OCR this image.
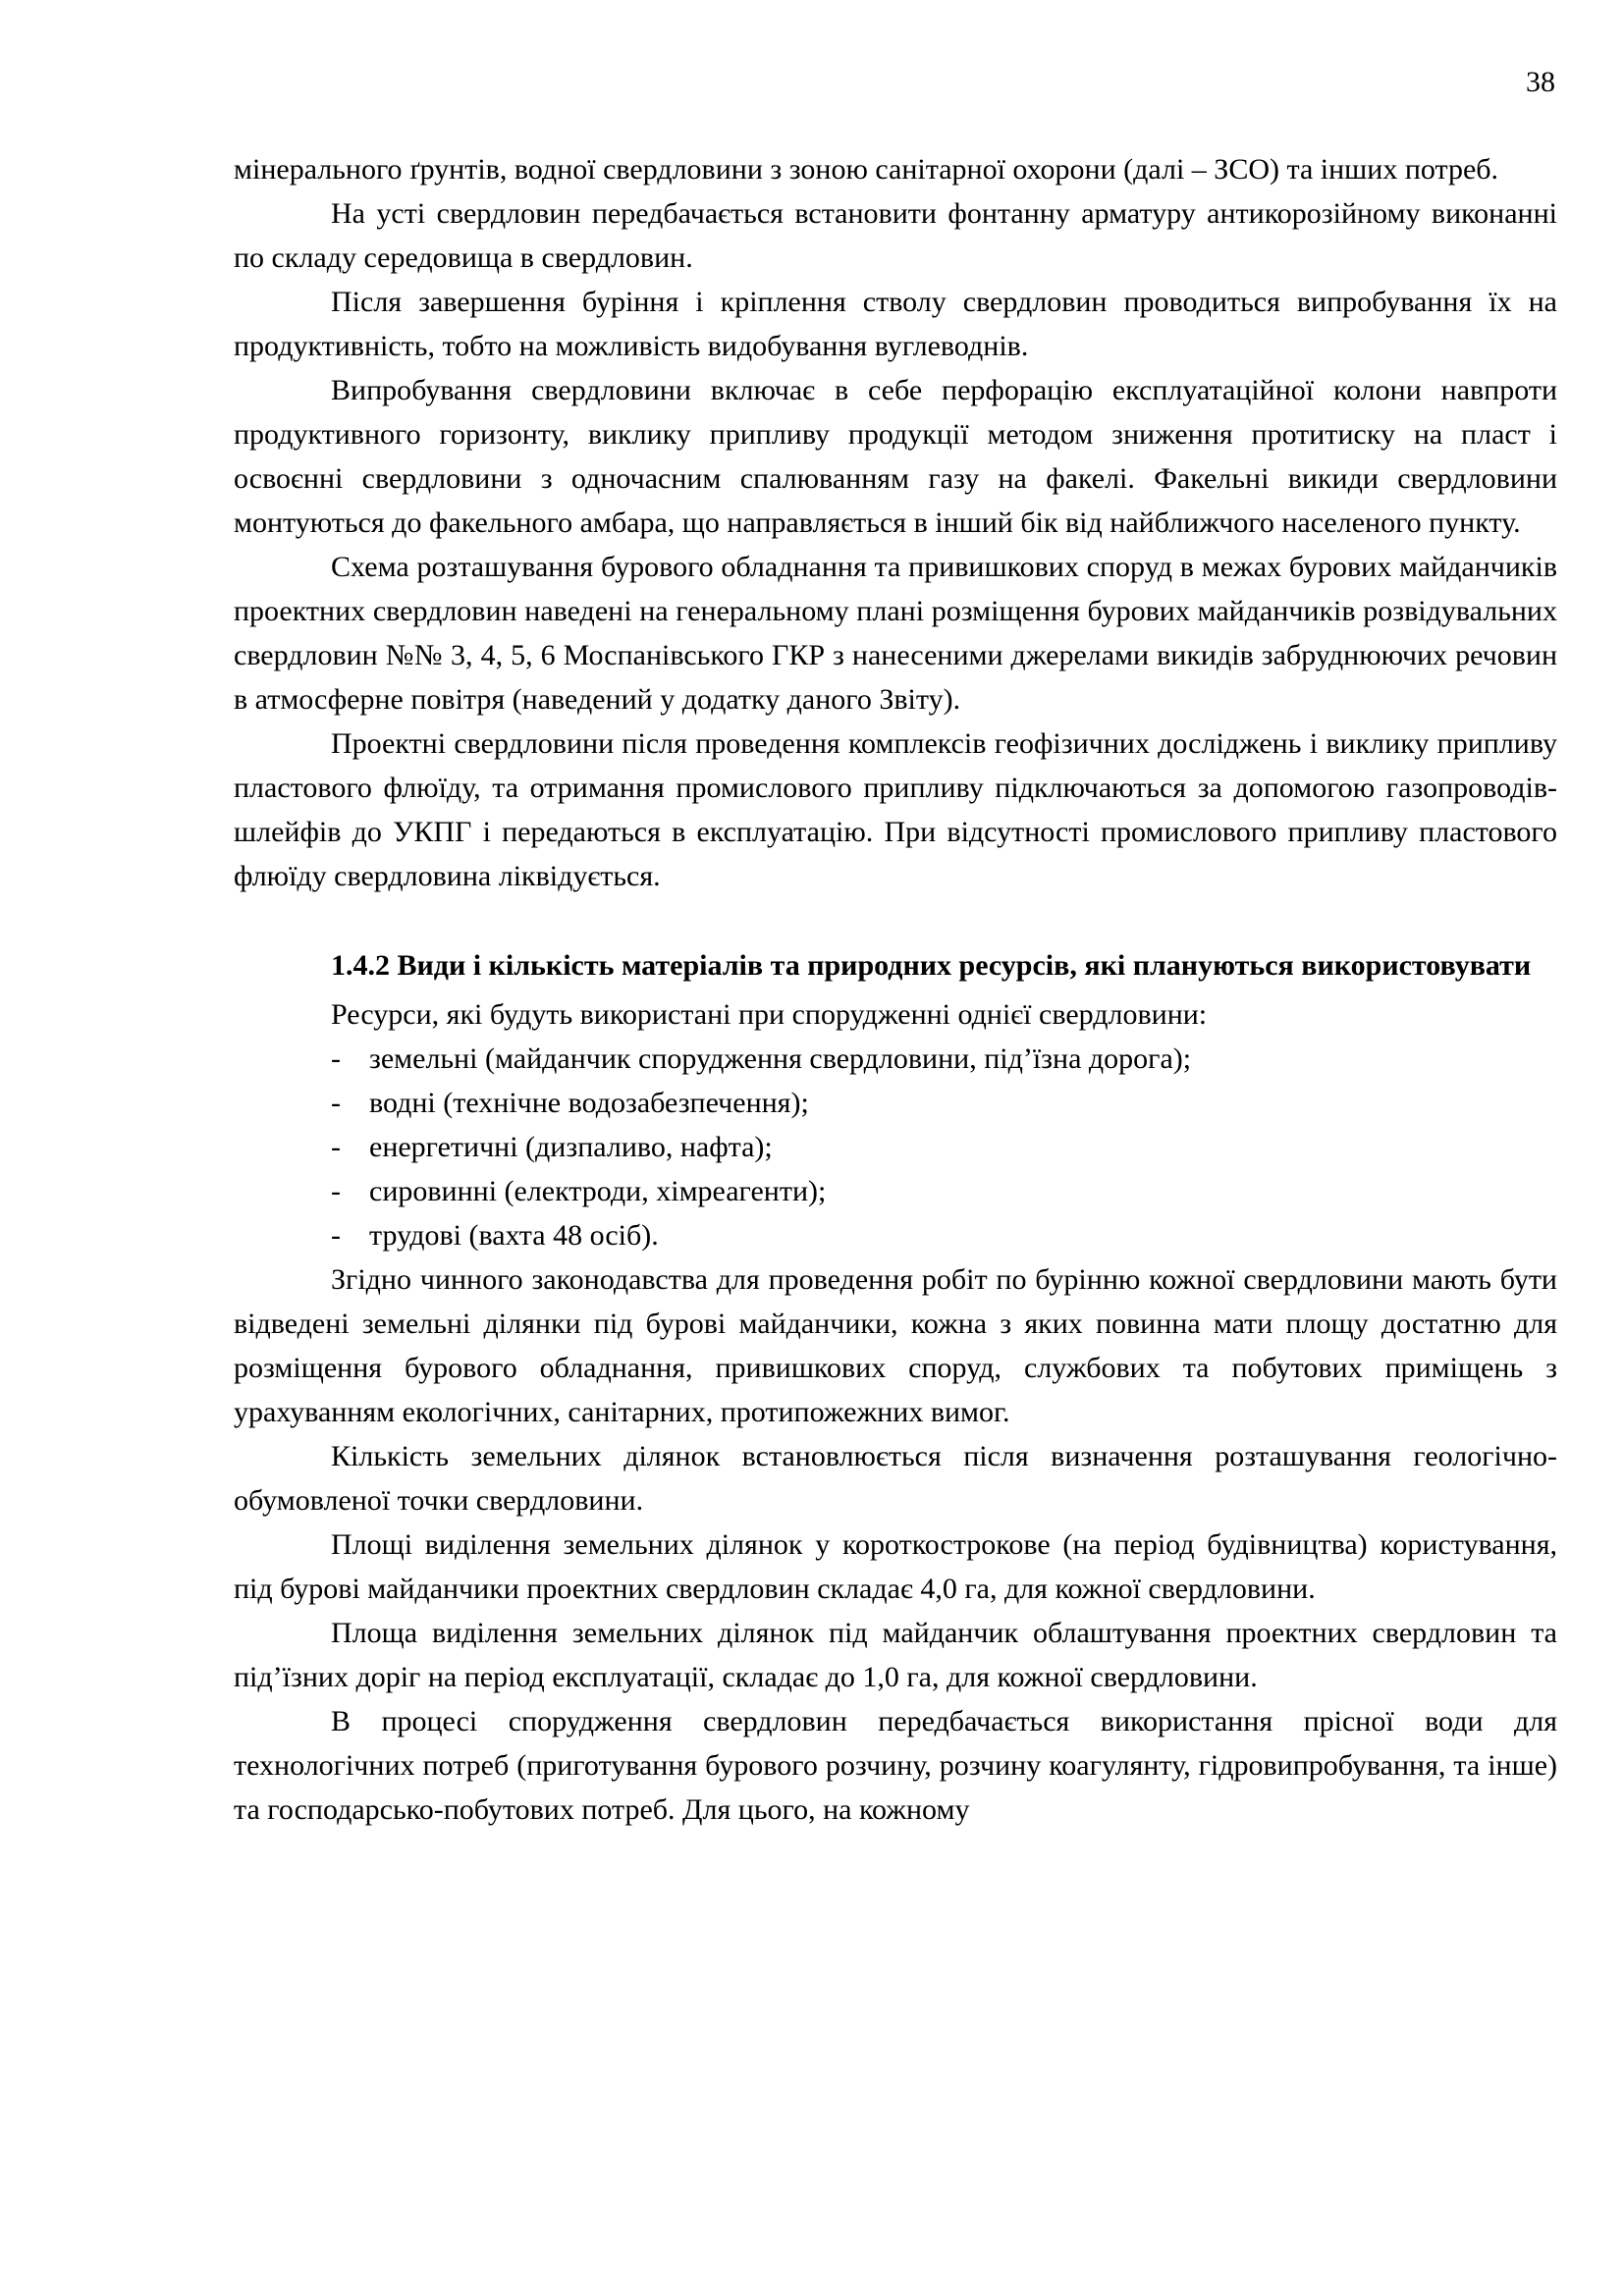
38

мінерального ґрунтів, водної свердловини з зоною санітарної охорони (далі – ЗСО) та інших потреб.

На усті свердловин передбачається встановити фонтанну арматуру антикорозійному виконанні по складу середовища в свердловин.

Після завершення буріння і кріплення стволу свердловин проводиться випробування їх на продуктивність, тобто на можливість видобування вуглеводнів.

Випробування свердловини включає в себе перфорацію експлуатаційної колони навпроти продуктивного горизонту, виклику припливу продукції методом зниження протитиску на пласт і освоєнні свердловини з одночасним спалюванням газу на факелі. Факельні викиди свердловини монтуються до факельного амбара, що направляється в інший бік від найближчого населеного пункту.

Схема розташування бурового обладнання та привишкових споруд в межах бурових майданчиків проектних свердловин наведені на генеральному плані розміщення бурових майданчиків розвідувальних свердловин №№ 3, 4, 5, 6 Моспанівського ГКР з нанесеними джерелами викидів забруднюючих речовин в атмосферне повітря (наведений у додатку даного Звіту).

Проектні свердловини після проведення комплексів геофізичних досліджень і виклику припливу пластового флюїду, та отримання промислового припливу підключаються за допомогою газопроводів-шлейфів до УКПГ і передаються в експлуатацію. При відсутності промислового припливу пластового флюїду свердловина ліквідується.

1.4.2 Види і кількість матеріалів та природних ресурсів, які плануються використовувати

Ресурси, які будуть використані при спорудженні однієї свердловини:

- земельні (майданчик спорудження свердловини, під’їзна дорога);
- водні (технічне водозабезпечення);
- енергетичні (дизпаливо, нафта);
- сировинні (електроди, хімреагенти);
- трудові (вахта 48 осіб).

Згідно чинного законодавства для проведення робіт по бурінню кожної свердловини мають бути відведені земельні ділянки під бурові майданчики, кожна з яких повинна мати площу достатню для розміщення бурового обладнання, привишкових споруд, службових та побутових приміщень з урахуванням екологічних, санітарних, протипожежних вимог.

Кількість земельних ділянок встановлюється після визначення розташування геологічно-обумовленої точки свердловини.

Площі виділення земельних ділянок у короткострокове (на період будівництва) користування, під бурові майданчики проектних свердловин складає 4,0 га, для кожної свердловини.

Площа виділення земельних ділянок під майданчик облаштування проектних свердловин та під’їзних доріг на період експлуатації, складає до 1,0 га, для кожної свердловини.

В процесі спорудження свердловин передбачається використання прісної води для технологічних потреб (приготування бурового розчину, розчину коагулянту, гідровипробування, та інше) та господарсько-побутових потреб. Для цього, на кожному
